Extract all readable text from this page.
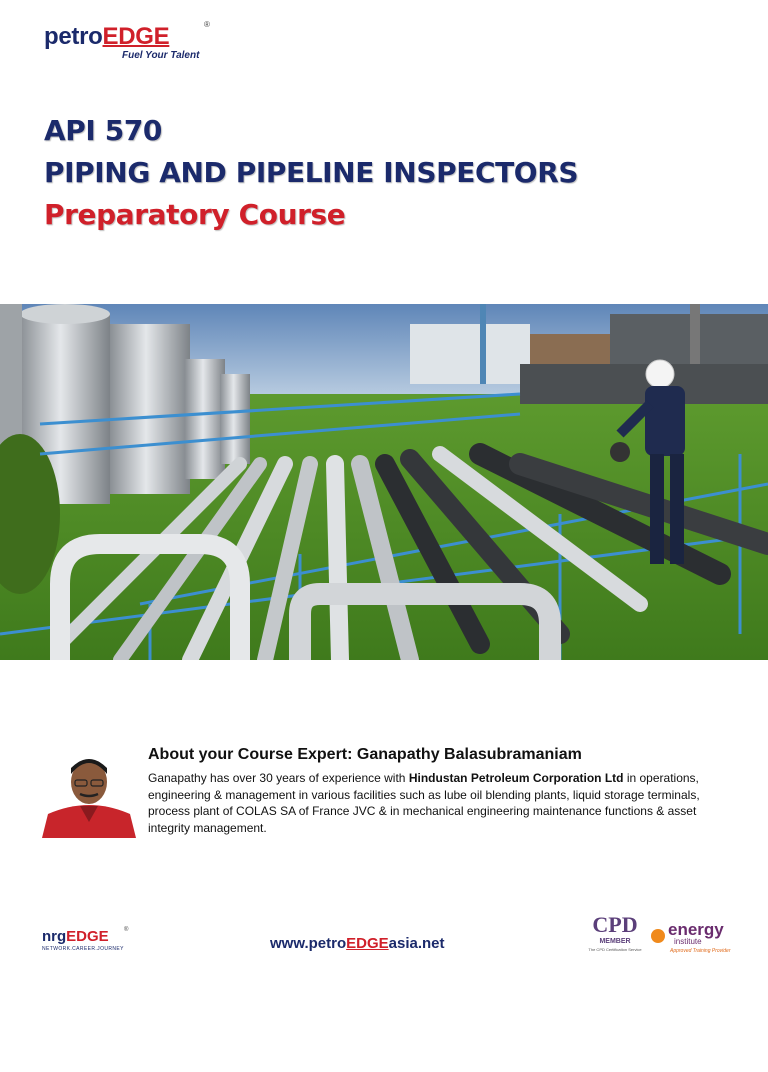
petroEDGE	®
Fuel Your Talent
API 570
PIPING AND PIPELINE INSPECTORS
Preparatory Course
About your Course Expert: Ganapathy Balasubramaniam
Ganapathy has over 30 years of experience with Hindustan Petroleum Corporation Ltd in operations, engineering & management in various facilities such as lube oil blending plants, liquid storage terminals, process plant of COLAS SA of France JVC & in mechanical engineering maintenance functions & asset integrity management.
nrgEDGE	®
NETWORK.CAREER.JOURNEY	www.petroEDGEasia.net
CPD
MEMBER
The CPD Certification Service
energy
institute
Approved Training Provider
